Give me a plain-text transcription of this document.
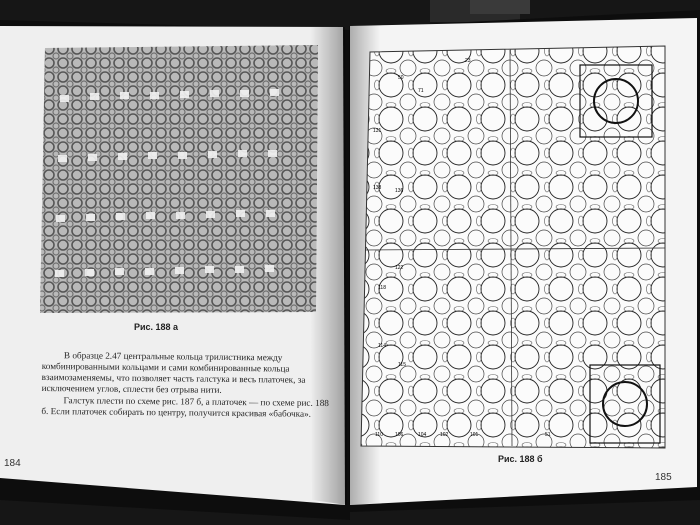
110 106	104	102	101	51
131
138	136
122
118
114
115
23
50
71
Рис. 188 а

В образце 2.47 центральные кольца трилистника между комбинированными кольцами и сами комбинированные кольца взаимозаменяемы, что позволяет часть галстука и весь платочек, за исключением углов, сплести без отрыва нити.

Галстук плести по схеме рис. 187 б, а платочек — по схеме рис. 188 б. Если платочек собирать по центру, получится красивая «бабочка».

184	Рис. 188 б
185
